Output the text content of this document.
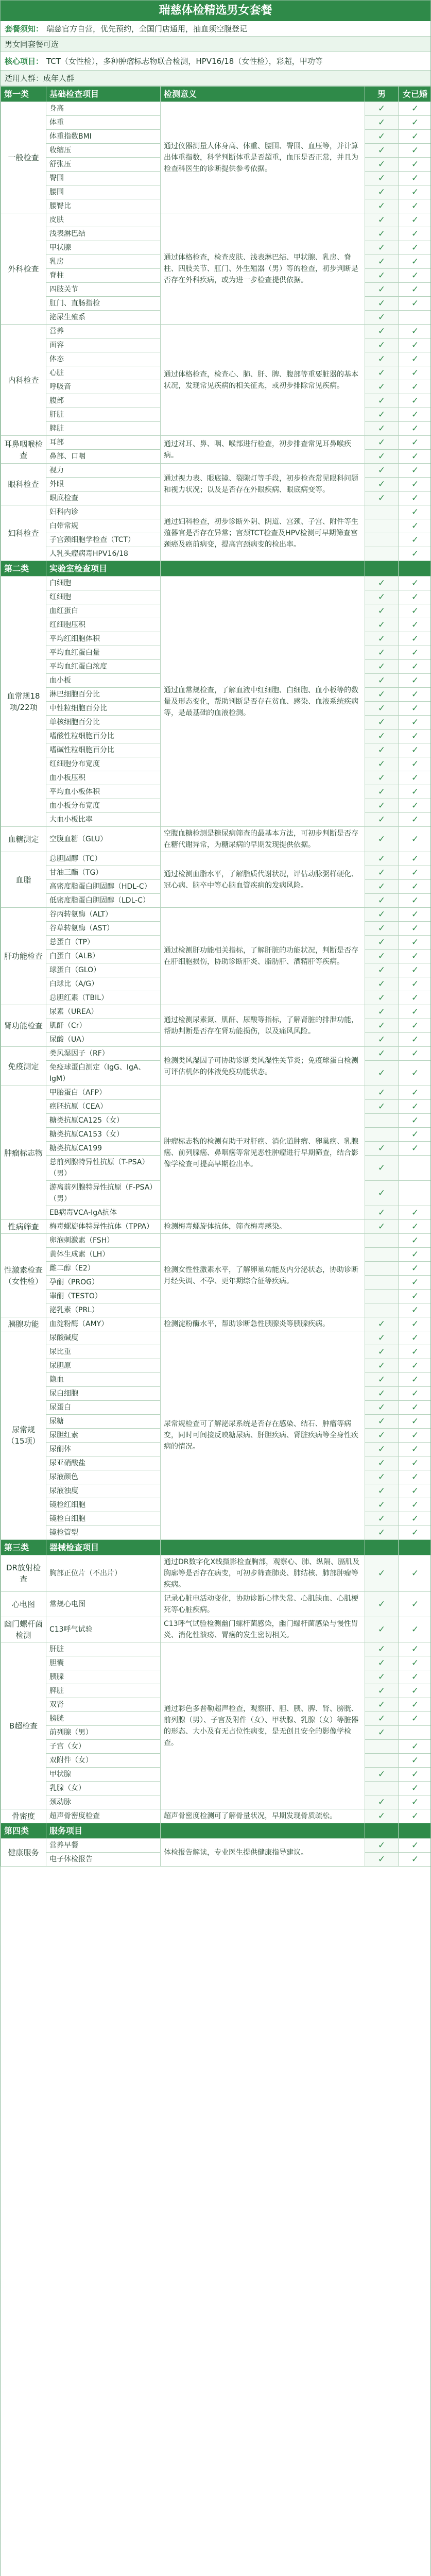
瑞慈体检精选男女套餐
套餐须知： 瑞慈官方自营，优先预约，全国门店通用，抽血须空腹登记
男女同套餐可选
核心项目： TCT（女性检），多种肿瘤标志物联合检测，HPV16/18（女性检），彩超，甲功等
适用人群：成年人群
第一类	基础检查项目	检测意义	男	女已婚
一般检查	身高	通过仪器测量人体身高、体重、腰围、臀围、血压等，并计算出体重指数，科学判断体重是否超重，血压是否正常，并且为检查科医生的诊断提供参考依据。	✓	✓
	体重		✓	✓
	体重指数BMI		✓	✓
	收缩压		✓	✓
	舒张压		✓	✓
	臀围		✓	✓
	腰围		✓	✓
	腰臀比		✓	✓
外科检查	皮肤	通过体格检查，检查皮肤、浅表淋巴结、甲状腺、乳房、脊柱、四肢关节、肛门、外生殖器（男）等的检查，初步判断是否存在外科疾病，或为进一步检查提供依据。	✓	✓
	浅表淋巴结		✓	✓
	甲状腺		✓	✓
	乳房		✓	✓
	脊柱		✓	✓
	四肢关节		✓	✓
	肛门、直肠指检		✓	✓
	泌尿生殖系		✓	
内科检查	营养	通过体格检查，检查心、肺、肝、脾、腹部等重要脏器的基本状况，发现常见疾病的相关征兆，或初步排除常见疾病。	✓	✓
	面容		✓	✓
	体态		✓	✓
	心脏		✓	✓
	呼吸音		✓	✓
	腹部		✓	✓
	肝脏		✓	✓
	脾脏		✓	✓
耳鼻咽喉检查	耳部	通过对耳、鼻、咽、喉部进行检查，初步排查常见耳鼻喉疾病。	✓	✓
	鼻部、口咽		✓	✓
眼科检查	视力	通过视力表、眼底镜、裂隙灯等手段，初步检查常见眼科问题和视力状况；以及是否存在外眼疾病、眼底病变等。	✓	✓
	外眼		✓	✓
	眼底检查		✓	✓
妇科检查	妇科内诊	通过妇科检查，初步诊断外阴、阴道、宫颈、子宫、附件等生殖器官是否存在异常；宫颈TCT检查及HPV检测可早期筛查宫颈癌及癌前病变，提高宫颈病变的检出率。		✓
	白带常规			✓
	子宫颈细胞学检查（TCT）			✓
	人乳头瘤病毒HPV16/18			✓
第二类	实验室检查项目			
血常规18项/22项	白细胞	通过血常规检查，了解血液中红细胞、白细胞、血小板等的数量及形态变化，帮助判断是否存在贫血、感染、血液系统疾病等，是最基础的血液检测。	✓	✓
	红细胞		✓	✓
	血红蛋白		✓	✓
	红细胞压积		✓	✓
	平均红细胞体积		✓	✓
	平均血红蛋白量		✓	✓
	平均血红蛋白浓度		✓	✓
	血小板		✓	✓
	淋巴细胞百分比		✓	✓
	中性粒细胞百分比		✓	✓
	单核细胞百分比		✓	✓
	嗜酸性粒细胞百分比		✓	✓
	嗜碱性粒细胞百分比		✓	✓
	红细胞分布宽度		✓	✓
	血小板压积		✓	✓
	平均血小板体积		✓	✓
	血小板分布宽度		✓	✓
	大血小板比率		✓	✓
血糖测定	空腹血糖（GLU）	空腹血糖检测是糖尿病筛查的最基本方法，可初步判断是否存在糖代谢异常，为糖尿病的早期发现提供依据。	✓	✓
血脂	总胆固醇（TC）	通过检测血脂水平，了解脂质代谢状况，评估动脉粥样硬化、冠心病、脑卒中等心脑血管疾病的发病风险。	✓	✓
	甘油三酯（TG）		✓	✓
	高密度脂蛋白胆固醇（HDL-C）		✓	✓
	低密度脂蛋白胆固醇（LDL-C）		✓	✓
肝功能检查	谷丙转氨酶（ALT）	通过检测肝功能相关指标，了解肝脏的功能状况，判断是否存在肝细胞损伤，协助诊断肝炎、脂肪肝、酒精肝等疾病。	✓	✓
	谷草转氨酶（AST）		✓	✓
	总蛋白（TP）		✓	✓
	白蛋白（ALB）		✓	✓
	球蛋白（GLO）		✓	✓
	白球比（A/G）		✓	✓
	总胆红素（TBIL）		✓	✓
肾功能检查	尿素（UREA）	通过检测尿素氮、肌酐、尿酸等指标，了解肾脏的排泄功能，帮助判断是否存在肾功能损伤，以及痛风风险。	✓	✓
	肌酐（Cr）		✓	✓
	尿酸（UA）		✓	✓
免疫测定	类风湿因子（RF）	检测类风湿因子可协助诊断类风湿性关节炎；免疫球蛋白检测可评估机体的体液免疫功能状态。	✓	✓
	免疫球蛋白测定（IgG、IgA、IgM）		✓	✓
肿瘤标志物	甲胎蛋白（AFP）	肿瘤标志物的检测有助于对肝癌、消化道肿瘤、卵巢癌、乳腺癌、前列腺癌、鼻咽癌等常见恶性肿瘤进行早期筛查，结合影像学检查可提高早期检出率。	✓	✓
	癌胚抗原（CEA）		✓	✓
	糖类抗原CA125（女）			✓
	糖类抗原CA153（女）			✓
	糖类抗原CA199		✓	✓
	总前列腺特异性抗原（T-PSA）（男）		✓	
	游离前列腺特异性抗原（F-PSA）（男）		✓	
	EB病毒VCA-IgA抗体		✓	✓
性病筛查	梅毒螺旋体特异性抗体（TPPA）	检测梅毒螺旋体抗体，筛查梅毒感染。	✓	✓
性激素检查（女性检）	卵泡刺激素（FSH）	检测女性性激素水平，了解卵巢功能及内分泌状态，协助诊断月经失调、不孕、更年期综合征等疾病。		✓
	黄体生成素（LH）			✓
	雌二醇（E2）			✓
	孕酮（PROG）			✓
	睾酮（TESTO）			✓
	泌乳素（PRL）			✓
胰腺功能	血淀粉酶（AMY）	检测淀粉酶水平，帮助诊断急性胰腺炎等胰腺疾病。	✓	✓
尿常规（15项）	尿酸碱度	尿常规检查可了解泌尿系统是否存在感染、结石、肿瘤等病变，同时可间接反映糖尿病、肝胆疾病、肾脏疾病等全身性疾病的情况。	✓	✓
	尿比重		✓	✓
	尿胆原		✓	✓
	隐血		✓	✓
	尿白细胞		✓	✓
	尿蛋白		✓	✓
	尿糖		✓	✓
	尿胆红素		✓	✓
	尿酮体		✓	✓
	尿亚硝酸盐		✓	✓
	尿液颜色		✓	✓
	尿液浊度		✓	✓
	镜检红细胞		✓	✓
	镜检白细胞		✓	✓
	镜检管型		✓	✓
第三类	器械检查项目			
DR放射检查	胸部正位片（不出片）	通过DR数字化X线摄影检查胸部，观察心、肺、纵隔、膈肌及胸廓等是否存在病变，可初步筛查肺炎、肺结核、肺部肿瘤等疾病。	✓	✓
心电图	常规心电图	记录心脏电活动变化，协助诊断心律失常、心肌缺血、心肌梗死等心脏疾病。	✓	✓
幽门螺杆菌检测	C13呼气试验	C13呼气试验检测幽门螺杆菌感染，幽门螺杆菌感染与慢性胃炎、消化性溃疡、胃癌的发生密切相关。	✓	✓
B超检查	肝脏	通过彩色多普勒超声检查，观察肝、胆、胰、脾、肾、膀胱、前列腺（男）、子宫及附件（女）、甲状腺、乳腺（女）等脏器的形态、大小及有无占位性病变，是无创且安全的影像学检查。	✓	✓
	胆囊		✓	✓
	胰腺		✓	✓
	脾脏		✓	✓
	双肾		✓	✓
	膀胱		✓	✓
	前列腺（男）		✓	
	子宫（女）			✓
	双附件（女）			✓
	甲状腺		✓	✓
	乳腺（女）			✓
	颈动脉		✓	✓
骨密度	超声骨密度检查	超声骨密度检测可了解骨量状况，早期发现骨质疏松。	✓	✓
第四类	服务项目			
健康服务	营养早餐	体检报告解读，专业医生提供健康指导建议。	✓	✓
	电子体检报告		✓	✓
